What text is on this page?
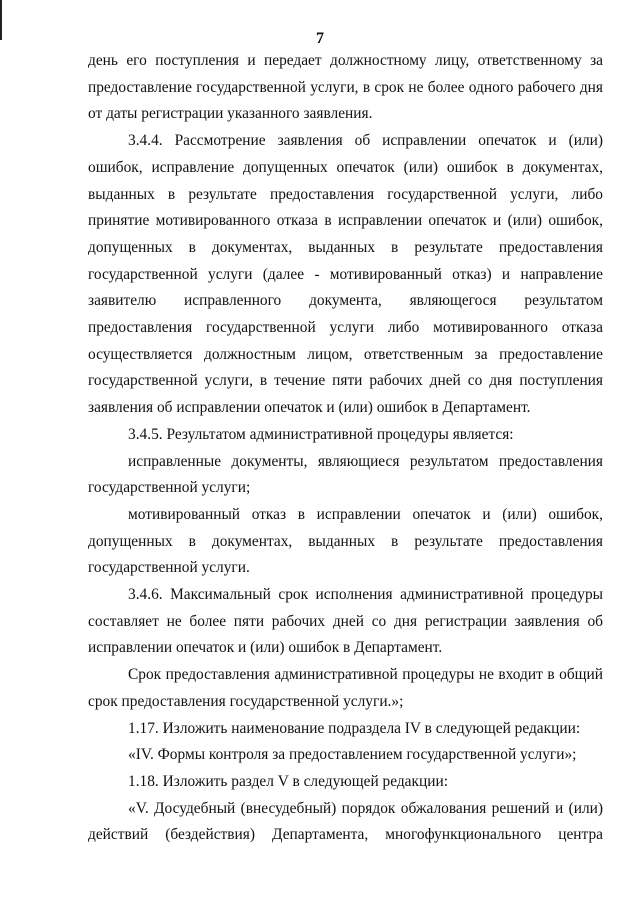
7

день его поступления и передает должностному лицу, ответственному за предоставление государственной услуги, в срок не более одного рабочего дня от даты регистрации указанного заявления.

3.4.4. Рассмотрение заявления об исправлении опечаток и (или) ошибок, исправление допущенных опечаток (или) ошибок в документах, выданных в результате предоставления государственной услуги, либо принятие мотивированного отказа в исправлении опечаток и (или) ошибок, допущенных в документах, выданных в результате предоставления государственной услуги (далее - мотивированный отказ) и направление заявителю исправленного документа, являющегося результатом предоставления государственной услуги либо мотивированного отказа осуществляется должностным лицом, ответственным за предоставление государственной услуги, в течение пяти рабочих дней со дня поступления заявления об исправлении опечаток и (или) ошибок в Департамент.

3.4.5. Результатом административной процедуры является:

исправленные документы, являющиеся результатом предоставления государственной услуги;

мотивированный отказ в исправлении опечаток и (или) ошибок, допущенных в документах, выданных в результате предоставления государственной услуги.

3.4.6. Максимальный срок исполнения административной процедуры составляет не более пяти рабочих дней со дня регистрации заявления об исправлении опечаток и (или) ошибок в Департамент.

Срок предоставления административной процедуры не входит в общий срок предоставления государственной услуги.»;

1.17. Изложить наименование подраздела IV в следующей редакции:

«IV. Формы контроля за предоставлением государственной услуги»;

1.18. Изложить раздел V в следующей редакции:

«V. Досудебный (внесудебный) порядок обжалования решений и (или) действий (бездействия) Департамента, многофункционального центра
